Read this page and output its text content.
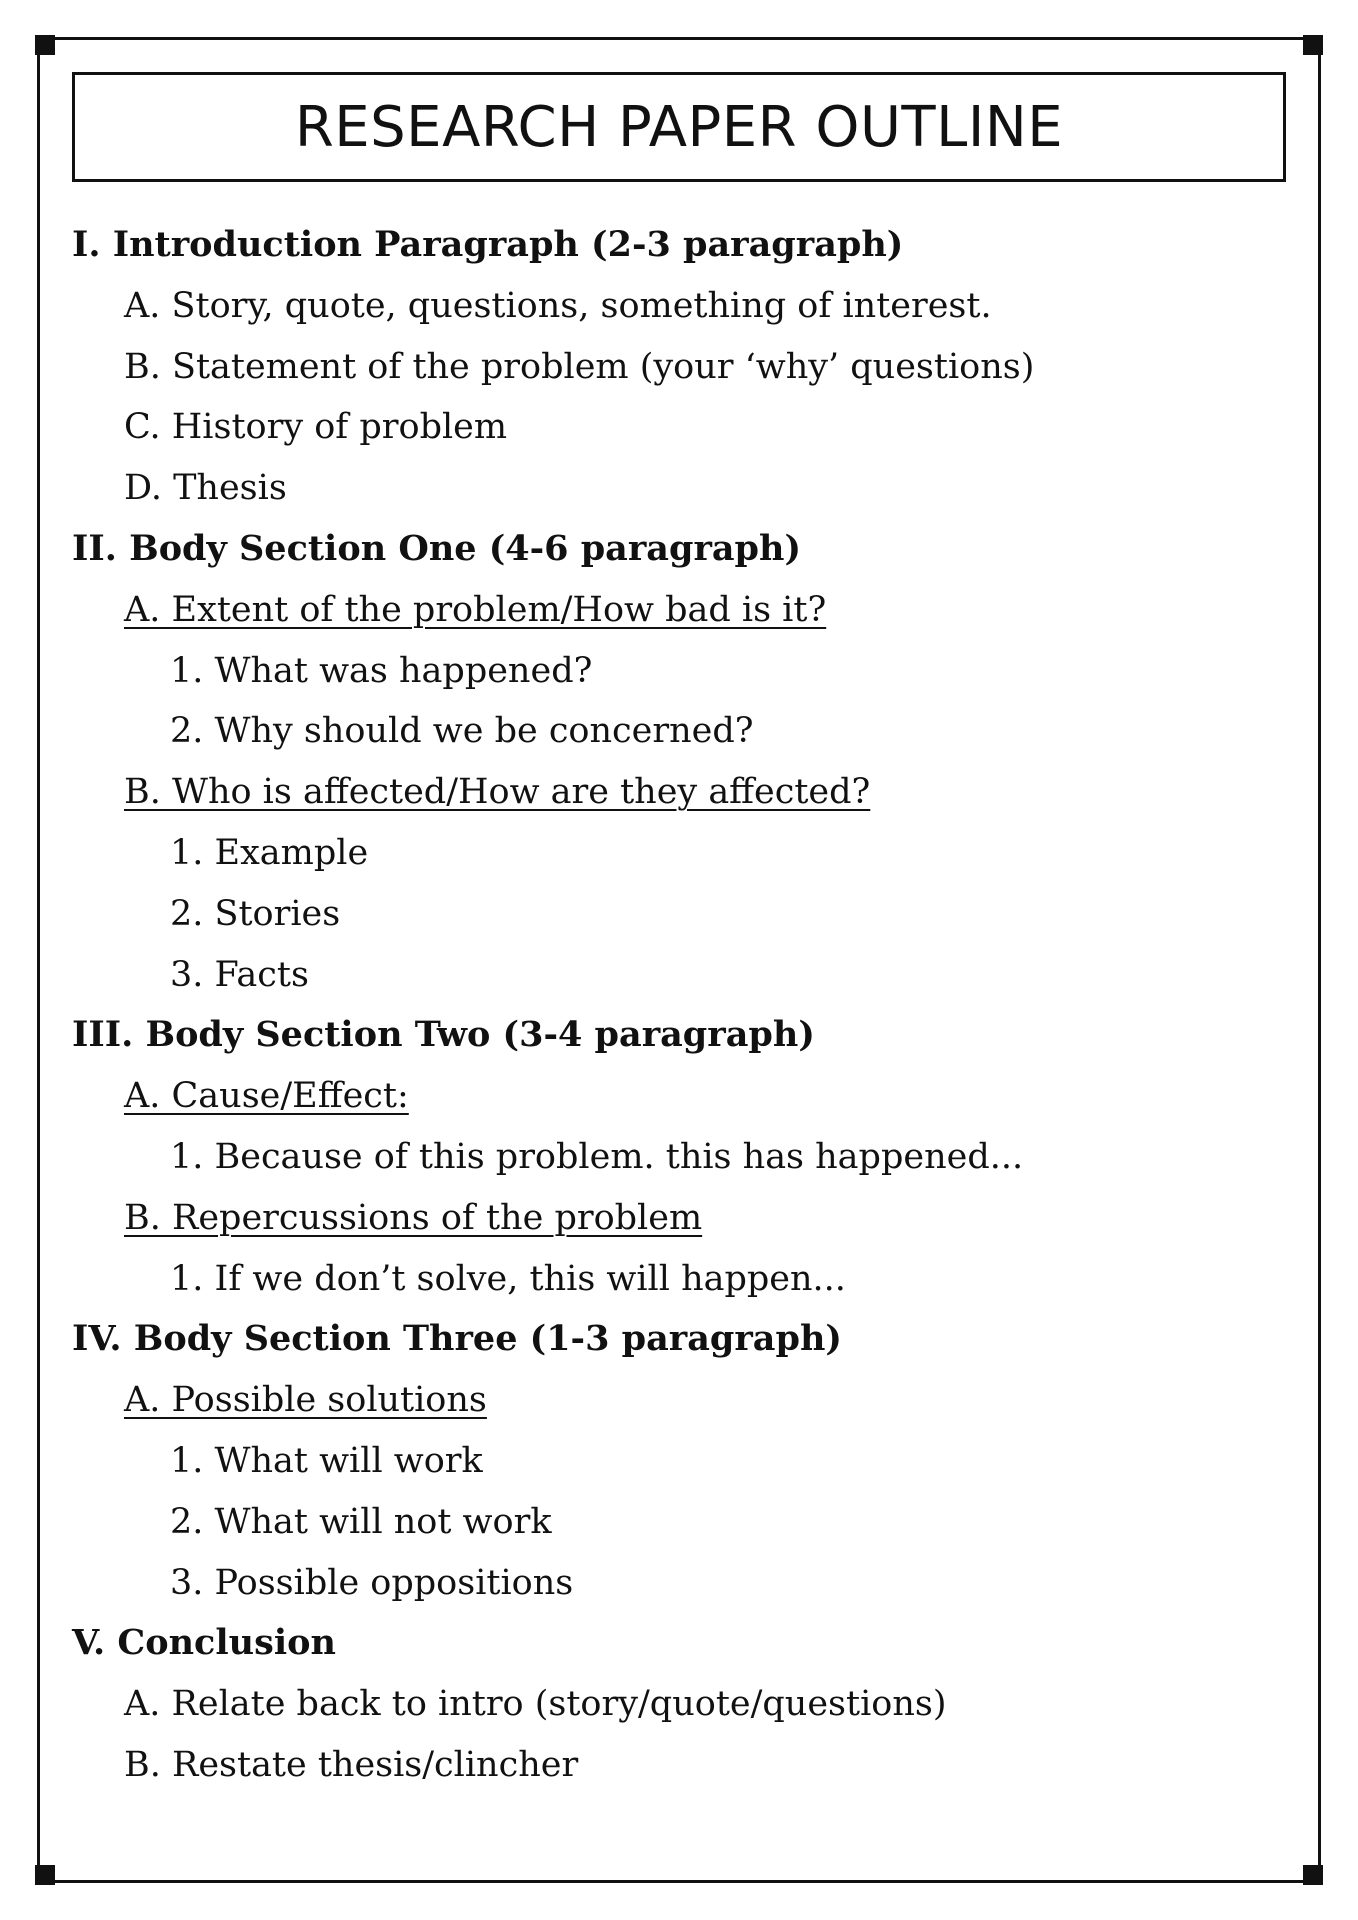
RESEARCH PAPER OUTLINE
I. Introduction Paragraph (2-3 paragraph)
A. Story, quote, questions, something of interest.
B. Statement of the problem (your ‘why’ questions)
C. History of problem
D. Thesis
II. Body Section One (4-6 paragraph)
A. Extent of the problem/How bad is it?
1. What was happened?
2. Why should we be concerned?
B. Who is affected/How are they affected?
1. Example
2. Stories
3. Facts
III. Body Section Two (3-4 paragraph)
A. Cause/Effect:
1. Because of this problem. this has happened...
B. Repercussions of the problem
1. If we don’t solve, this will happen...
IV. Body Section Three (1-3 paragraph)
A. Possible solutions
1. What will work
2. What will not work
3. Possible oppositions
V. Conclusion
A. Relate back to intro (story/quote/questions)
B. Restate thesis/clincher
